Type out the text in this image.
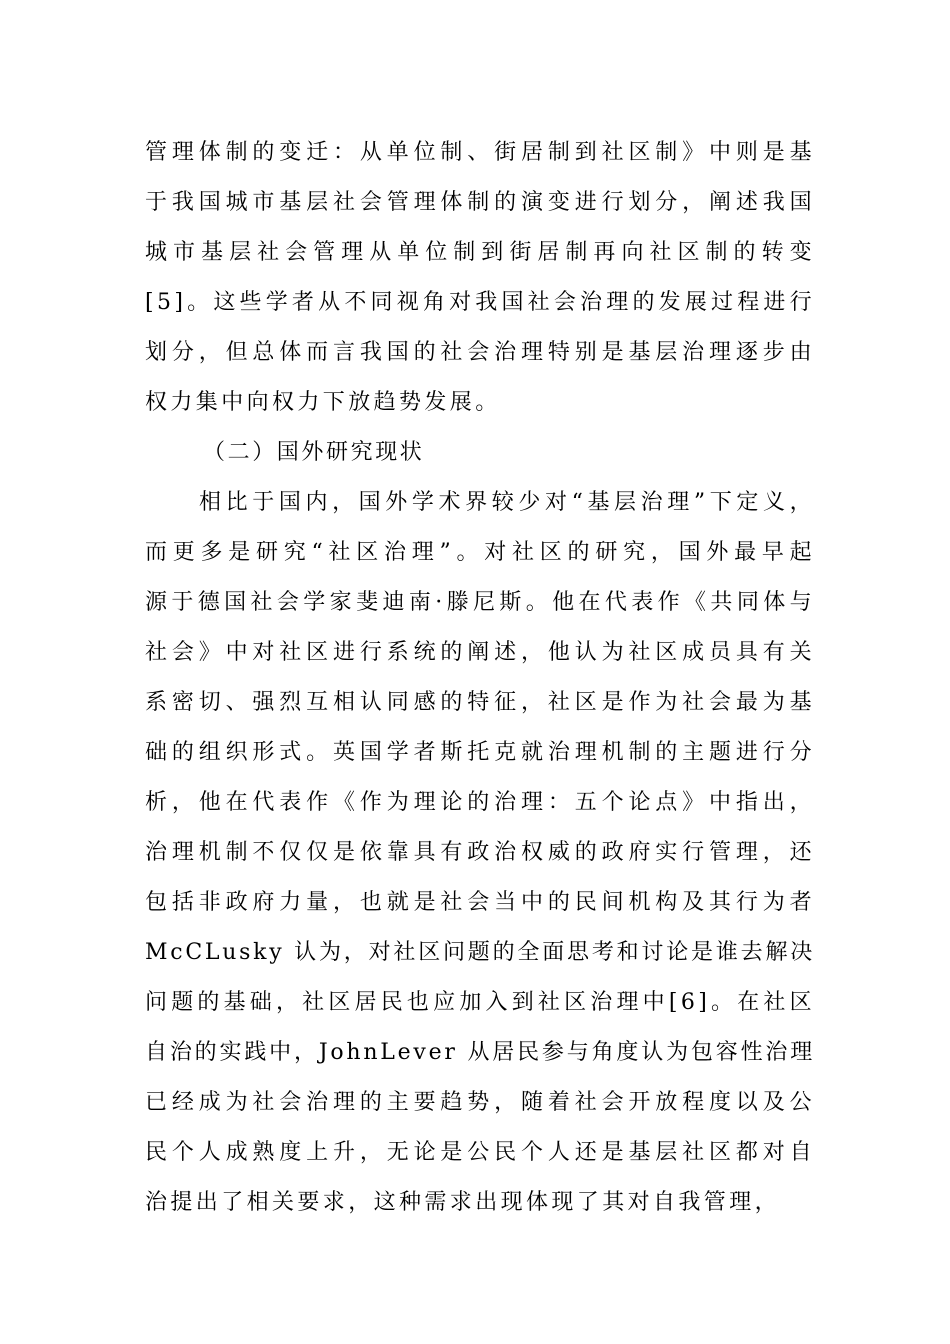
管理体制的变迁：从单位制、街居制到社区制》中则是基
于我国城市基层社会管理体制的演变进行划分，阐述我国
城市基层社会管理从单位制到街居制再向社区制的转变
[5]。这些学者从不同视角对我国社会治理的发展过程进行
划分，但总体而言我国的社会治理特别是基层治理逐步由
权力集中向权力下放趋势发展。
（二）国外研究现状
相比于国内，国外学术界较少对“基层治理”下定义，
而更多是研究“社区治理”。对社区的研究，国外最早起
源于德国社会学家斐迪南·滕尼斯。他在代表作《共同体与
社会》中对社区进行系统的阐述，他认为社区成员具有关
系密切、强烈互相认同感的特征，社区是作为社会最为基
础的组织形式。英国学者斯托克就治理机制的主题进行分
析，他在代表作《作为理论的治理：五个论点》中指出，
治理机制不仅仅是依靠具有政治权威的政府实行管理，还
包括非政府力量，也就是社会当中的民间机构及其行为者
McCLusky 认为，对社区问题的全面思考和讨论是谁去解决
问题的基础，社区居民也应加入到社区治理中[6]。在社区
自治的实践中，JohnLever 从居民参与角度认为包容性治理
已经成为社会治理的主要趋势，随着社会开放程度以及公
民个人成熟度上升，无论是公民个人还是基层社区都对自
治提出了相关要求，这种需求出现体现了其对自我管理，
